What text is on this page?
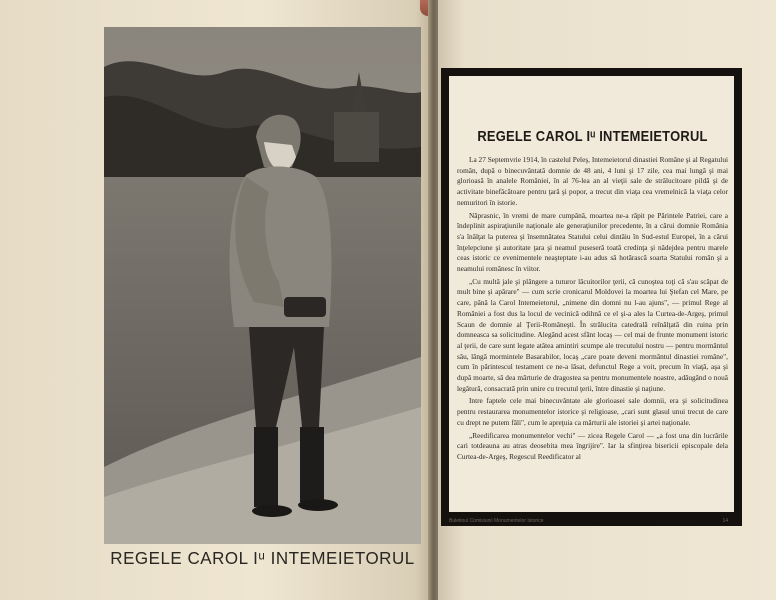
REGELE CAROL Iᵘ INTEMEIETORUL
REGELE CAROL Iᵘ INTEMEIETORUL

La 27 Septemvrie 1914, în castelul Peleş, Intemeietorul dinastiei Române şi al Regatului român, după o binecuvântată domnie de 48 ani, 4 luni şi 17 zile, cea mai lungă şi mai glorioasă în analele României, în al 76-lea an al vieţii sale de strălucitoare pildă şi de activitate binefăcătoare pentru ţară şi popor, a trecut din viaţa cea vremelnică la viaţa celor nemuritori în istorie.

Năprasnic, în vremi de mare cumpănă, moartea ne-a răpit pe Părintele Patriei, care a îndeplinit aspiraţiunile naţionale ale generaţiunilor precedente, în a cărui domnie România s'a înălţat la puterea şi însemnătatea Statului celui dintâiu în Sud-estul Europei, în a cărui înţelepciune şi autoritate ţara şi neamul puseseră toată credinţa şi nădejdea pentru marele ceas istoric ce evenimentele neaşteptate i-au adus să hotărască soarta Statului român şi a neamului românesc în viitor.

„Cu multă jale şi plângere a tuturor lăcuitorilor ţerii, că cunoştea toţi că s'au scăpat de mult bine şi apărare" — cum scrie cronicarul Moldovei la moartea lui Ştefan cel Mare, pe care, până la Carol Intemeietorul, „nimene din domni nu l-au ajuns", — primul Rege al României a fost dus la locul de vecinică odihnă ce el şi-a ales la Curtea-de-Argeş, primul Scaun de domnie al Ţerii-Româneşti. În strălucita catedrală reînălţată din ruina prin domneasca sa solicitudine. Alegând acest sfânt locaş — cel mai de frunte monument istoric al ţerii, de care sunt legate atâtea amintiri scumpe ale trecutului nostru — pentru mormântul său, lângă mormintele Basarabilor, locaş „care poate deveni mormântul dinastiei române", cum în părintescul testament ce ne-a lăsat, defunctul Rege a voit, precum în viaţă, aşa şi după moarte, să dea mărturie de dragostea sa pentru monumentele noastre, adăugând o nouă legătură, consacrată prin unire cu trecutul ţerii, între dinastie şi naţiune.

Intre faptele cele mai binecuvântate ale glorioasei sale domnii, era şi solicitudinea pentru restaurarea monumentelor istorice şi religioase, „cari sunt glasul unui trecut de care cu drept ne putem făli", cum le apreţuia ca mărturii ale istoriei şi artei naţionale.

„Reedificarea monumentelor vechi" — zicea Regele Carol — „a fost una din lucrările cari totdeauna au atras deosebita mea îngrijire". Iar la sfinţirea bisericii episcopale dela Curtea-de-Argeş, Regescul Reedificator al

Buletinul Comisiunii Monumentelor Istorice	14
